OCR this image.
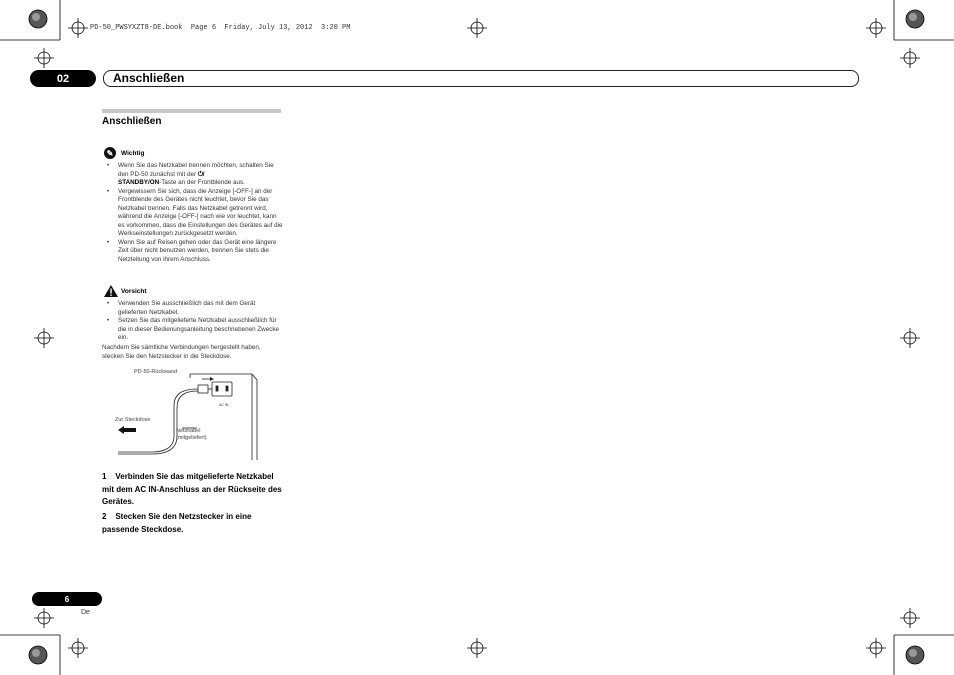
PD-50_PWSYXZT8-DE.book  Page 6  Friday, July 13, 2012  3:20 PM
02	Anschließen
Anschließen
✎	Wichtig
• Wenn Sie das Netzkabel trennen möchten, schalten Sie den PD-50 zunächst mit der ⏻/
STANDBY/ON-Taste an der Frontblende aus.
• Vergewissern Sie sich, dass die Anzeige [-OFF-] an der Frontblende des Gerätes nicht leuchtet, bevor Sie das Netzkabel trennen. Falls das Netzkabel getrennt wird, während die Anzeige [-OFF-] nach wie vor leuchtet, kann es vorkommen, dass die Einstellungen des Gerätes auf die Werkseinstellungen zurückgesetzt werden.
• Wenn Sie auf Reisen gehen oder das Gerät eine längere Zeit über nicht benutzen werden, trennen Sie stets die Netzleitung von ihrem Anschluss.
Vorsicht
• Verwenden Sie ausschließlich das mit dem Gerät gelieferten Netzkabel.
• Setzen Sie das mitgelieferte Netzkabel ausschließlich für die in dieser Bedienungsanleitung beschriebenen Zwecke ein.
Nachdem Sie sämtliche Verbindungen hergestellt haben, stecken Sie den Netzstecker in die Steckdose.
AC IN
PD-50-Rückwand
Zur Steckdose
Netzkabel
(mitgeliefert)
1 Verbinden Sie das mitgelieferte Netzkabel mit dem AC IN-Anschluss an der Rückseite des Gerätes.
2 Stecken Sie den Netzstecker in eine passende Steckdose.
6
De
